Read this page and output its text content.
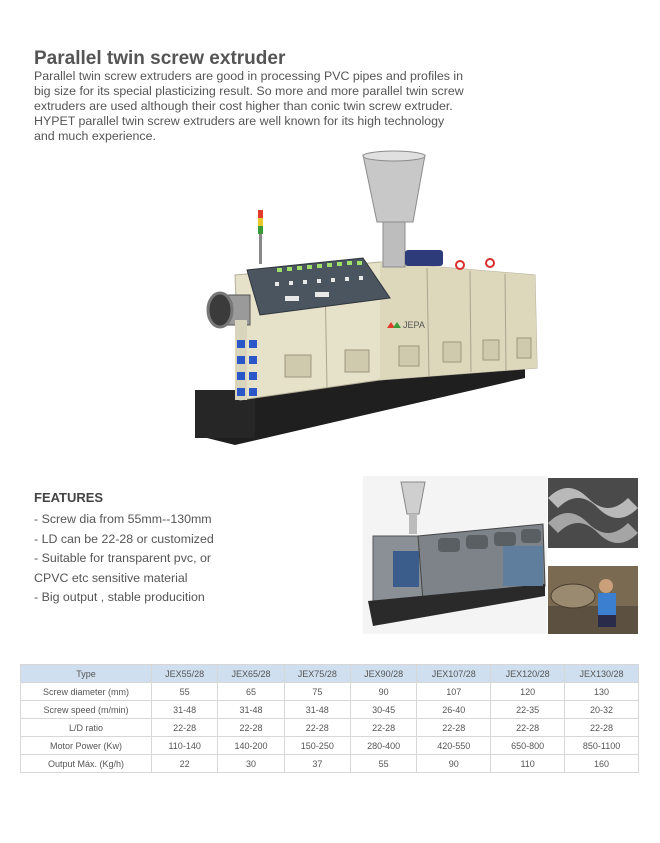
Parallel twin screw extruder

Parallel twin screw extruders are good in processing PVC pipes and profiles in big size for its special plasticizing result. So more and more parallel twin screw extruders are used although their cost higher than conic twin screw extruder. HYPET parallel twin screw extruders are well known for its high technology and much experience.

JEPA
FEATURES
- Screw dia from 55mm--130mm
- LD can be 22-28 or customized
- Suitable for transparent pvc, or
CPVC etc sensitive material
- Big output , stable producition
Type	JEX55/28	JEX65/28	JEX75/28	JEX90/28	JEX107/28	JEX120/28	JEX130/28
Screw diameter (mm)	55	65	75	90	107	120	130
Screw speed (m/min)	31-48	31-48	31-48	30-45	26-40	22-35	20-32
L/D ratio	22-28	22-28	22-28	22-28	22-28	22-28	22-28
Motor Power (Kw)	110-140	140-200	150-250	280-400	420-550	650-800	850-1100
Output Máx. (Kg/h)	22	30	37	55	90	110	160
